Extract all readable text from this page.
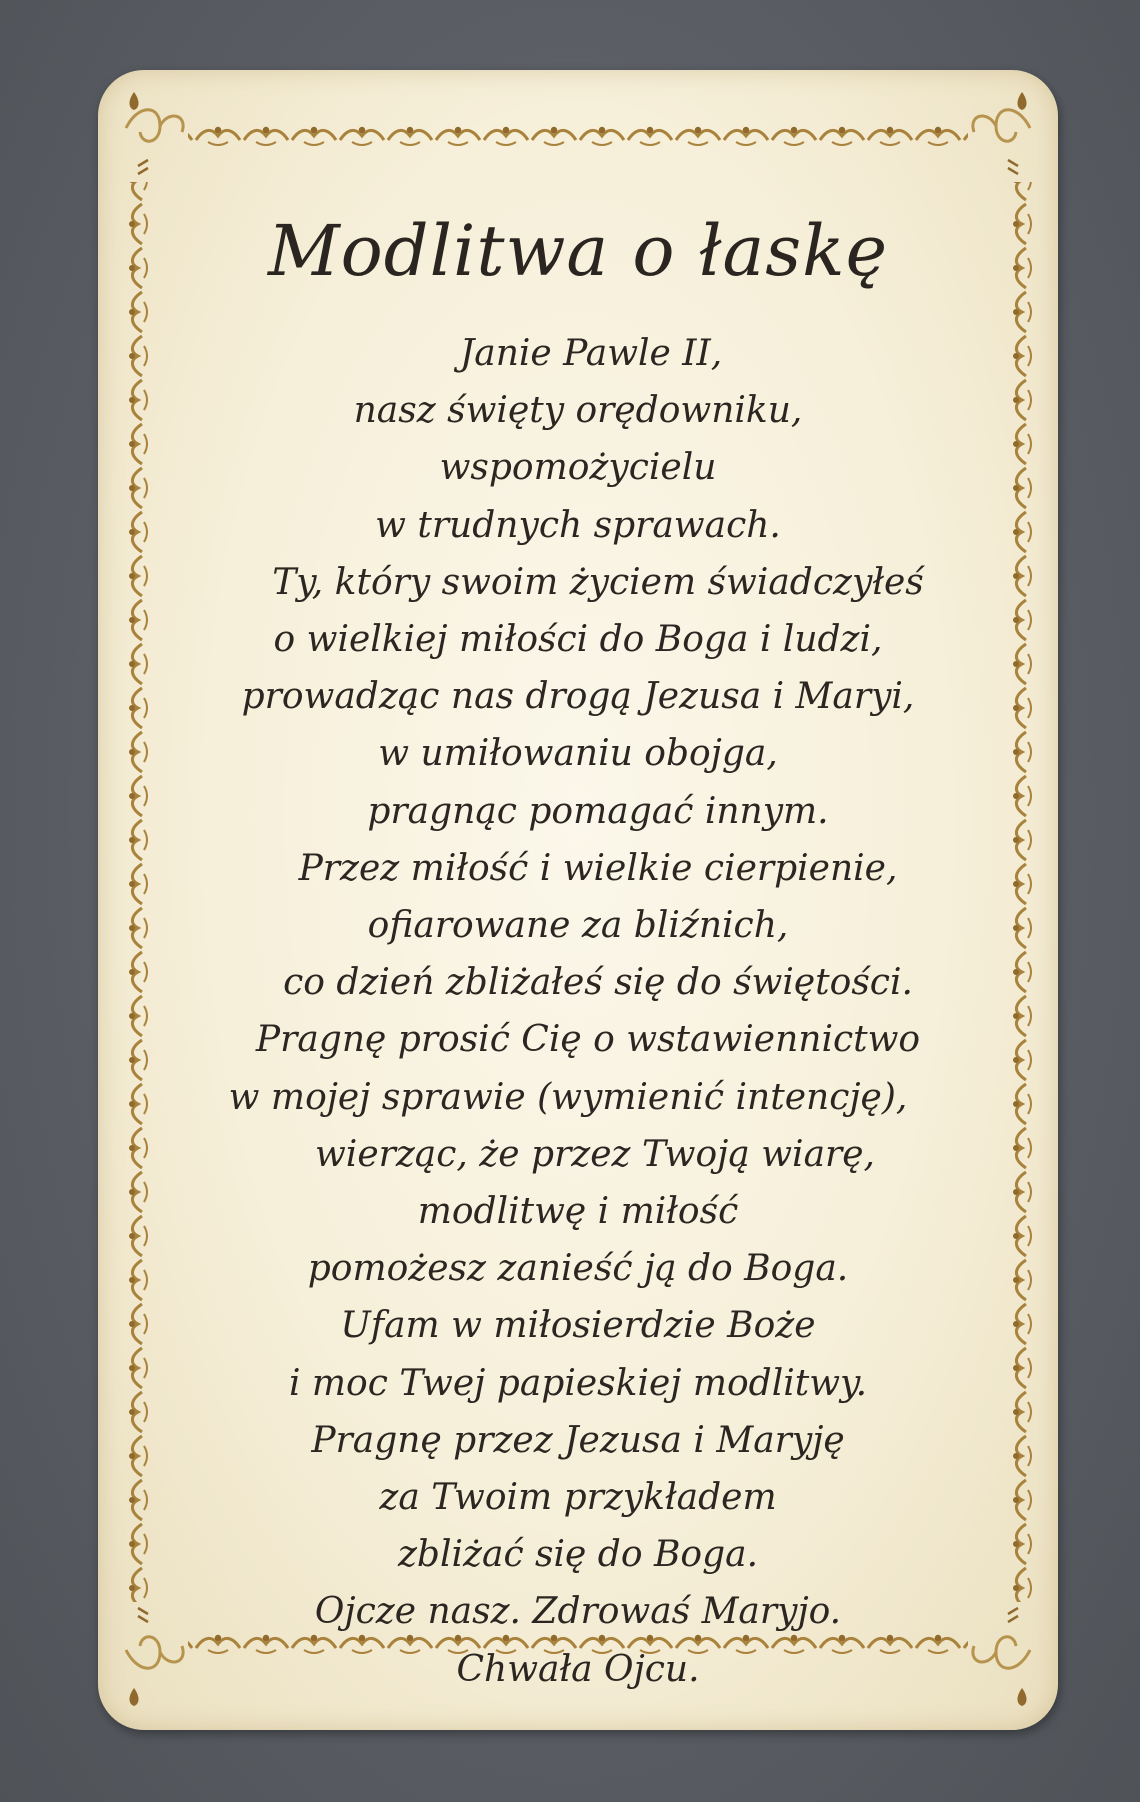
Modlitwa o łaskę
Janie Pawle II,
nasz święty orędowniku,
wspomożycielu
w trudnych sprawach.
Ty, który swoim życiem świadczyłeś
o wielkiej miłości do Boga i ludzi,
prowadząc nas drogą Jezusa i Maryi,
w umiłowaniu obojga,
pragnąc pomagać innym.
Przez miłość i wielkie cierpienie,
ofiarowane za bliźnich,
co dzień zbliżałeś się do świętości.
Pragnę prosić Cię o wstawiennictwo
w mojej sprawie (wymienić intencję),
wierząc, że przez Twoją wiarę,
modlitwę i miłość
pomożesz zanieść ją do Boga.
Ufam w miłosierdzie Boże
i moc Twej papieskiej modlitwy.
Pragnę przez Jezusa i Maryję
za Twoim przykładem
zbliżać się do Boga.
Ojcze nasz. Zdrowaś Maryjo.
Chwała Ojcu.
